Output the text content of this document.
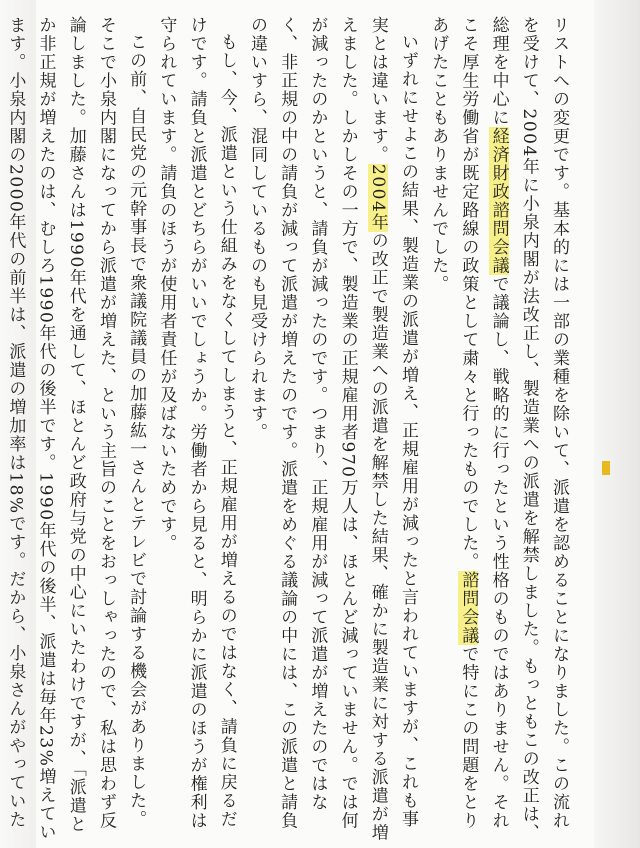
リストへの変更です。基本的には一部の業種を除いて、派遣を認めることになりました。この流れを受けて、2004年に小泉内閣が法改正し、製造業への派遣を解禁しました。もっともこの改正は、総理を中心に経済財政諮問会議で議論し、戦略的に行ったという性格のものではありません。それこそ厚生労働省が既定路線の政策として粛々と行ったものでした。諮問会議で特にこの問題をとりあげたこともありませんでした。

いずれにせよこの結果、製造業の派遣が増え、正規雇用が減ったと言われていますが、これも事実とは違います。2004年の改正で製造業への派遣を解禁した結果、確かに製造業に対する派遣が増えました。しかしその一方で、製造業の正規雇用者970万人は、ほとんど減っていません。では何が減ったのかというと、請負が減ったのです。つまり、正規雇用が減って派遣が増えたのではなく、非正規の中の請負が減って派遣が増えたのです。派遣をめぐる議論の中には、この派遣と請負の違いすら、混同しているものも見受けられます。

もし、今、派遣という仕組みをなくしてしまうと、正規雇用が増えるのではなく、請負に戻るだけです。請負と派遣とどちらがいいでしょうか。労働者から見ると、明らかに派遣のほうが権利は守られています。請負のほうが使用者責任が及ばないためです。

この前、自民党の元幹事長で衆議院議員の加藤紘一さんとテレビで討論する機会がありました。そこで小泉内閣になってから派遣が増えた、という主旨のことをおっしゃったので、私は思わず反論しました。加藤さんは1990年代を通して、ほとんど政府与党の中心にいたわけですが、「派遣とか非正規が増えたのは、むしろ1990年代の後半です。1990年代の後半、派遣は毎年23%増えています。小泉内閣の2000年代の前半は、派遣の増加率は18%です。だから、小泉さんがやっていた
